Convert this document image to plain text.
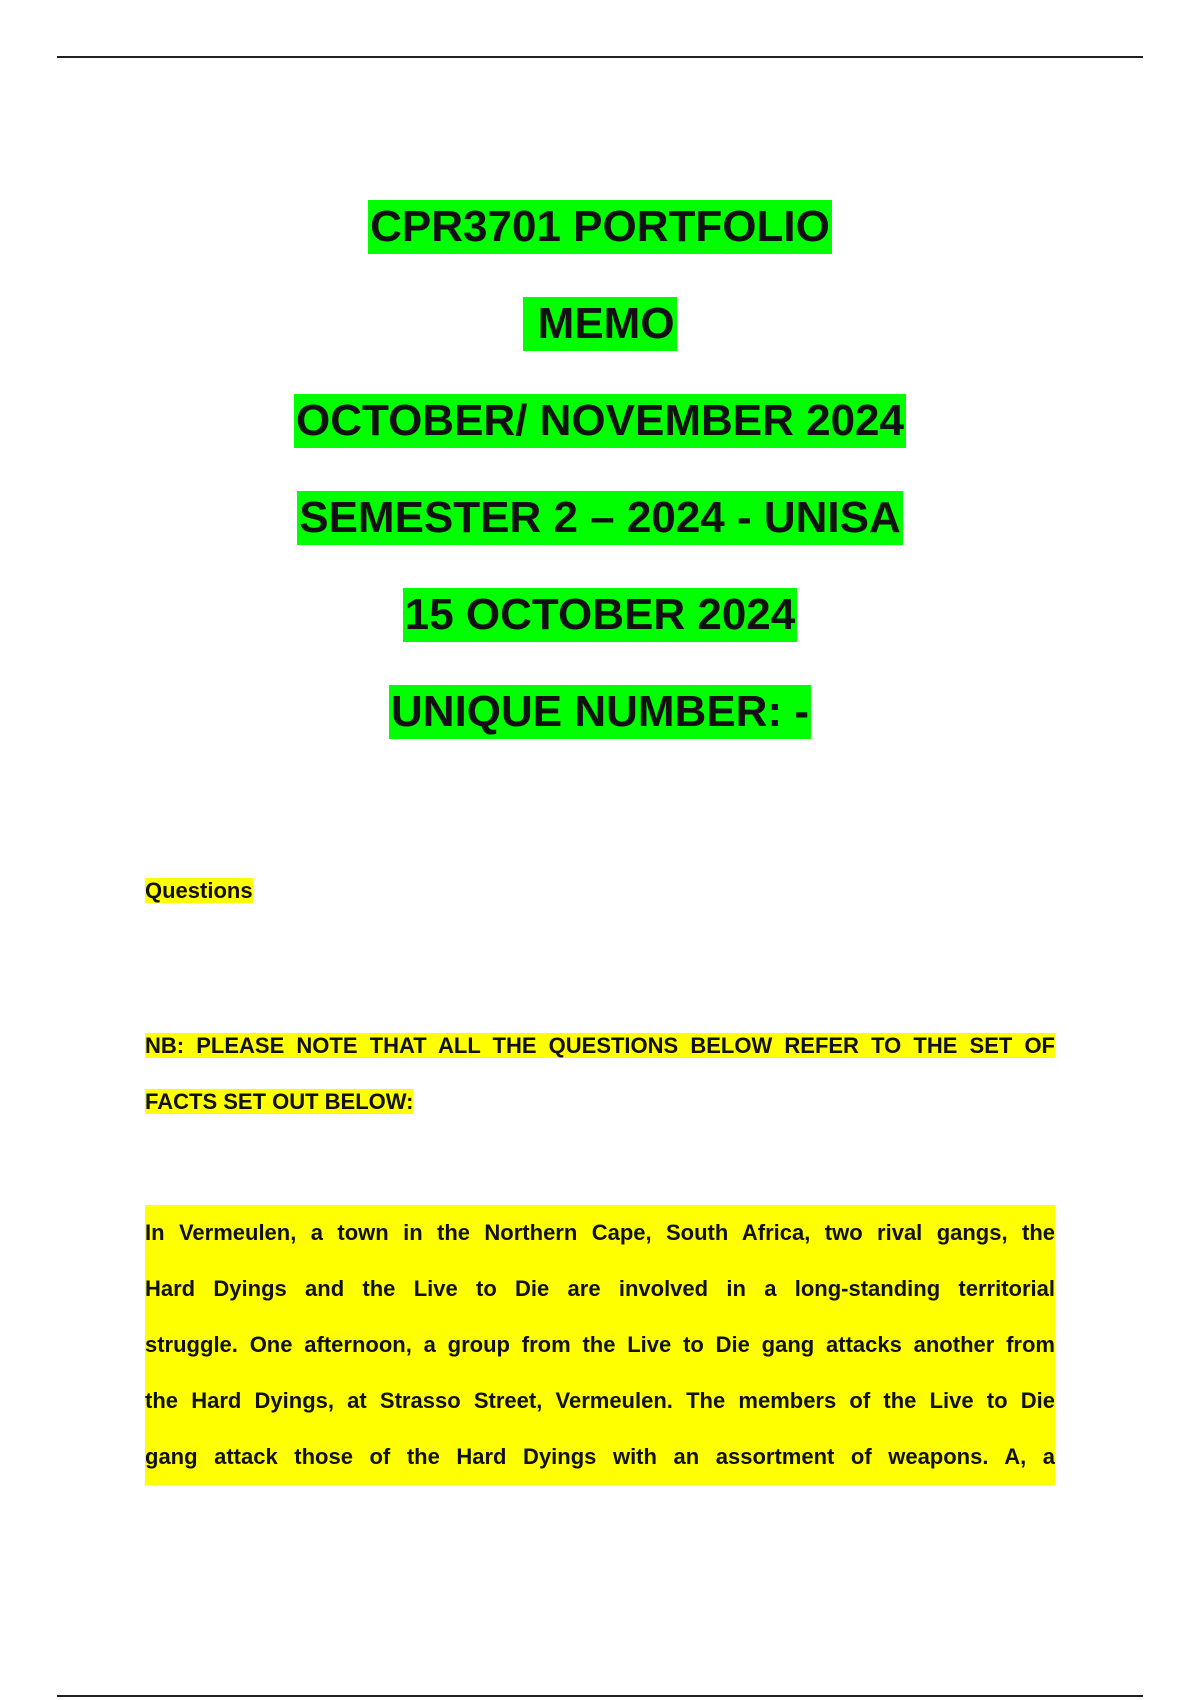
CPR3701 PORTFOLIO
MEMO
OCTOBER/ NOVEMBER 2024
SEMESTER 2 – 2024 - UNISA
15 OCTOBER 2024
UNIQUE NUMBER: -
Questions
NB: PLEASE NOTE THAT ALL THE QUESTIONS BELOW REFER TO THE SET OF
FACTS SET OUT BELOW:
In Vermeulen, a town in the Northern Cape, South Africa, two rival gangs, the
Hard Dyings and the Live to Die are involved in a long-standing territorial
struggle. One afternoon, a group from the Live to Die gang attacks another from
the Hard Dyings, at Strasso Street, Vermeulen. The members of the Live to Die
gang attack those of the Hard Dyings with an assortment of weapons. A, a
